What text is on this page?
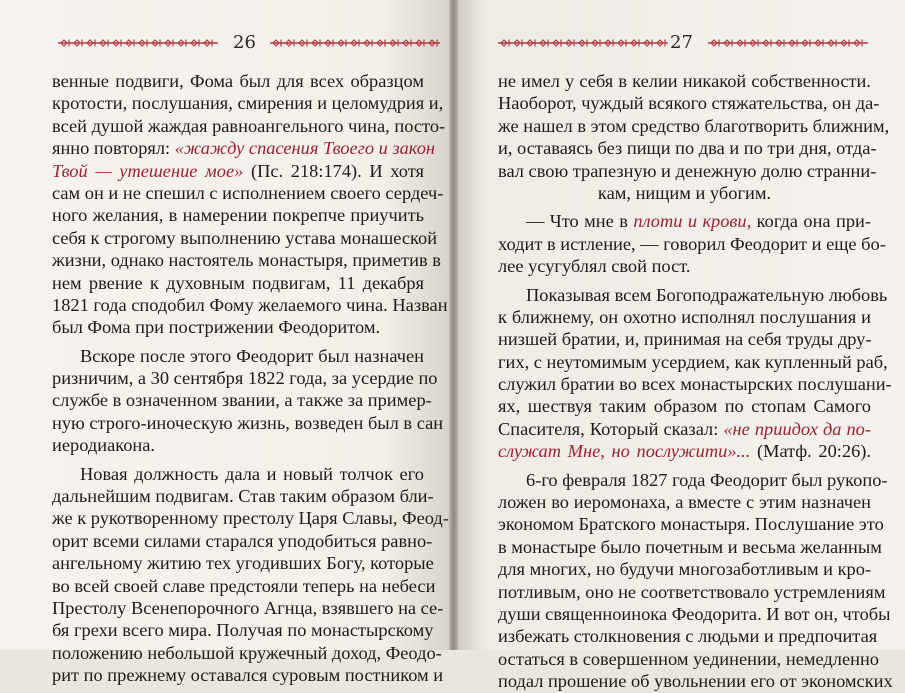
26
венные подвиги, Фома был для всех образцом
кротости, послушания, смирения и целомудрия и,
всей душой жаждая равноангельного чина, посто-
янно повторял: «жажду спасения Твоего и закон
Твой — утешение мое» (Пс. 218:174). И хотя
сам он и не спешил с исполнением своего сердеч-
ного желания, в намерении покрепче приучить
себя к строгому выполнению устава монашеской
жизни, однако настоятель монастыря, приметив в
нем рвение к духовным подвигам, 11 декабря
1821 года сподобил Фому желаемого чина. Назван
был Фома при пострижении Феодоритом.
Вскоре после этого Феодорит был назначен
ризничим, а 30 сентября 1822 года, за усердие по
службе в означенном звании, а также за пример-
ную строго-иноческую жизнь, возведен был в сан
иеродиакона.
Новая должность дала и новый толчок его
дальнейшим подвигам. Став таким образом бли-
же к рукотворенному престолу Царя Славы, Феод-
орит всеми силами старался уподобиться равно-
ангельному житию тех угодивших Богу, которые
во всей своей славе предстояли теперь на небеси
Престолу Всенепорочного Агнца, взявшего на се-
бя грехи всего мира. Получая по монастырскому
положению небольшой кружечный доход, Феодо-
рит по прежнему оставался суровым постником и
27
не имел у себя в келии никакой собственности.
Наоборот, чуждый всякого стяжательства, он да-
же нашел в этом средство благотворить ближним,
и, оставаясь без пищи по два и по три дня, отда-
вал свою трапезную и денежную долю странни-
кам, нищим и убогим.
— Что мне в плоти и крови, когда она при-
ходит в истление, — говорил Феодорит и еще бо-
лее усугублял свой пост.
Показывая всем Богоподражательную любовь
к ближнему, он охотно исполнял послушания и
низшей братии, и, принимая на себя труды дру-
гих, с неутомимым усердием, как купленный раб,
служил братии во всех монастырских послушани-
ях, шествуя таким образом по стопам Самого
Спасителя, Который сказал: «не приидох да по-
служат Мне, но послужити»... (Матф. 20:26).
6-го февраля 1827 года Феодорит был рукопо-
ложен во иеромонаха, а вместе с этим назначен
экономом Братского монастыря. Послушание это
в монастыре было почетным и весьма желанным
для многих, но будучи многозаботливым и кро-
потливым, оно не соответствовало устремлениям
души священноинока Феодорита. И вот он, чтобы
избежать столкновения с людьми и предпочитая
остаться в совершенном уединении, немедленно
подал прошение об увольнении его от экономских
